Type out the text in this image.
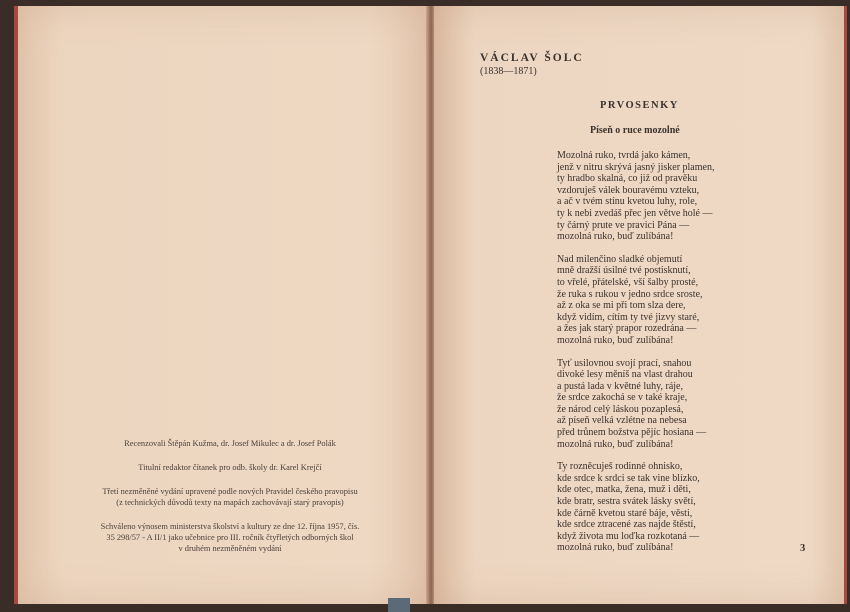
Recenzovali Štěpán Kužma, dr. Josef Mikulec a dr. Josef Polák

Titulní redaktor čítanek pro odb. školy dr. Karel Krejčí

Třetí nezměněné vydání upravené podle nových Pravidel českého pravopisu

(z technických důvodů texty na mapách zachovávají starý pravopis)

Schváleno výnosem ministerstva školství a kultury ze dne 12. října 1957, čís.

35 298/57 - A II/1 jako učebnice pro III. ročník čtyřletých odborných škol

v druhém nezměněném vydání

VÁCLAV ŠOLC
(1838—1871)
PRVOSENKY
Píseň o ruce mozolné
Mozolná ruko, tvrdá jako kámen,
jenž v nitru skrývá jasný jisker plamen,
ty hradbo skalná, co již od pravěku
vzdoruješ válek bouravému vzteku,
a ač v tvém stínu kvetou luhy, role,
ty k nebi zvedáš přec jen větve holé —
ty čárný prute ve pravici Pána —
mozolná ruko, buď zulíbána!
Nad milenčino sladké objemutí
mně dražší úsilné tvé postisknutí,
to vřelé, přátelské, vší šalby prosté,
že ruka s rukou v jedno srdce sroste,
až z oka se mi při tom slza dere,
když vidím, cítím ty tvé jizvy staré,
a žes jak starý prapor rozedrána —
mozolná ruko, buď zulíbána!
Tyť usilovnou svojí prací, snahou
divoké lesy měníš na vlast drahou
a pustá lada v květné luhy, ráje,
že srdce zakochá se v také kraje,
že národ celý láskou pozaplesá,
až píseň velká vzlétne na nebesa
před trůnem božstva pějíc hosiana —
mozolná ruko, buď zulíbána!
Ty rozněcuješ rodinné ohnisko,
kde srdce k srdci se tak vine blízko,
kde otec, matka, žena, muž i děti,
kde bratr, sestra svátek lásky světí,
kde čárně kvetou staré báje, věsti,
kde srdce ztracené zas najde štěstí,
když života mu loďka rozkotaná —
mozolná ruko, buď zulíbána!	3
